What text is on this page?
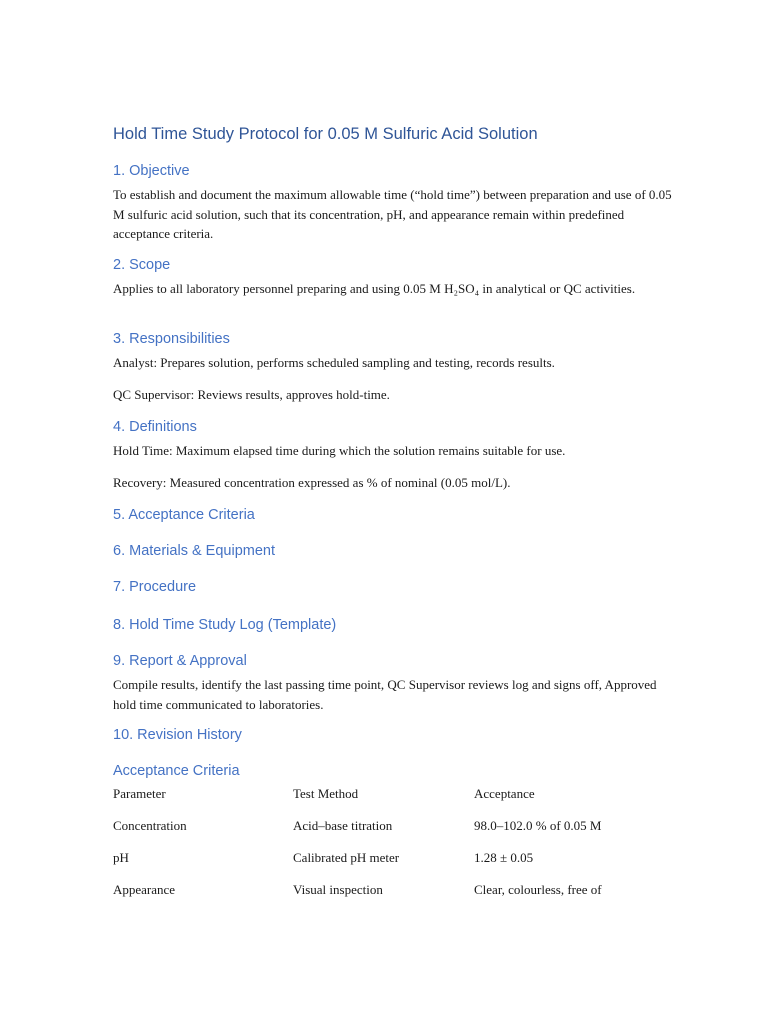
Hold Time Study Protocol for 0.05 M Sulfuric Acid Solution
1. Objective

To establish and document the maximum allowable time (“hold time”) between preparation and use of 0.05 M sulfuric acid solution, such that its concentration, pH, and appearance remain within predefined acceptance criteria.

2. Scope

Applies to all laboratory personnel preparing and using 0.05 M H₂SO₄ in analytical or QC activities.

3. Responsibilities

Analyst: Prepares solution, performs scheduled sampling and testing, records results.

QC Supervisor: Reviews results, approves hold-time.

4. Definitions

Hold Time: Maximum elapsed time during which the solution remains suitable for use.

Recovery: Measured concentration expressed as % of nominal (0.05 mol/L).

5. Acceptance Criteria
6. Materials & Equipment
7. Procedure
8. Hold Time Study Log (Template)
9. Report & Approval

Compile results, identify the last passing time point, QC Supervisor reviews log and signs off, Approved hold time communicated to laboratories.

10. Revision History
Acceptance Criteria
Parameter	Test Method	Acceptance
Concentration	Acid–base titration	98.0–102.0 % of 0.05 M
pH	Calibrated pH meter	1.28 ± 0.05
Appearance	Visual inspection	Clear, colourless, free of
